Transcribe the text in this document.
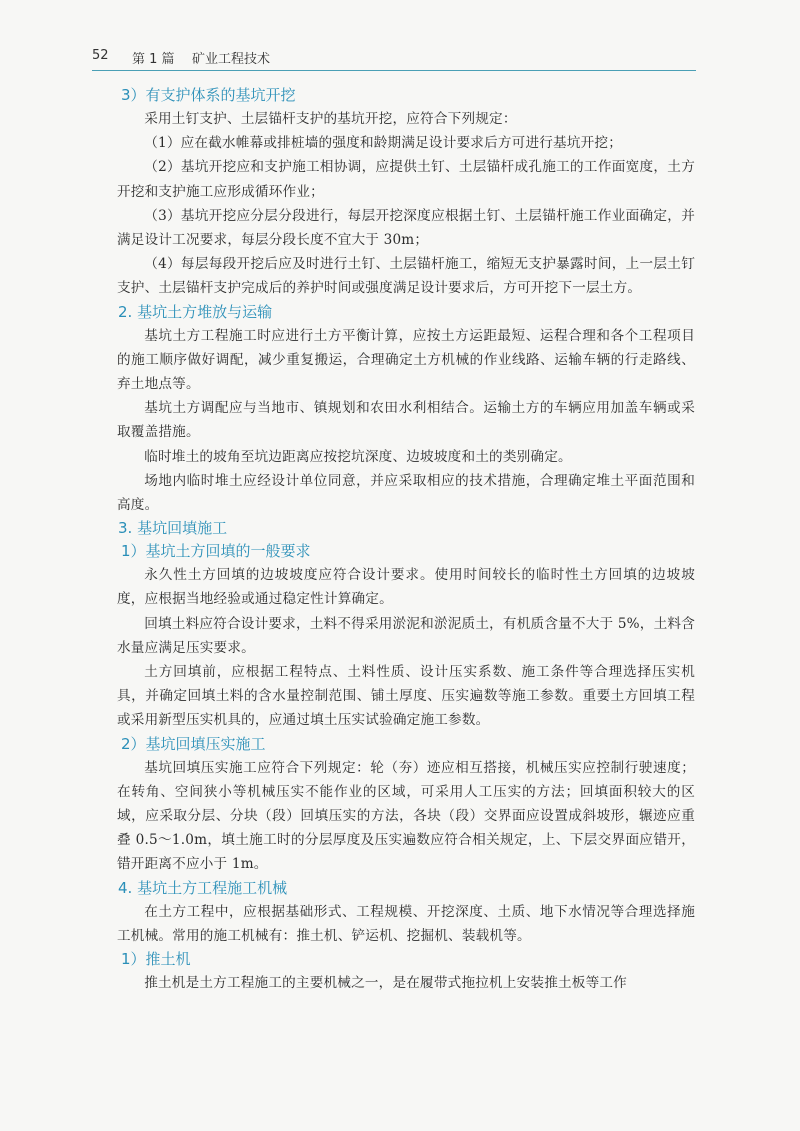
52 第 1 篇 矿业工程技术
3）有支护体系的基坑开挖

采用土钉支护、土层锚杆支护的基坑开挖，应符合下列规定：

（1）应在截水帷幕或排桩墙的强度和龄期满足设计要求后方可进行基坑开挖；

（2）基坑开挖应和支护施工相协调，应提供土钉、土层锚杆成孔施工的工作面宽度，土方开挖和支护施工应形成循环作业；

（3）基坑开挖应分层分段进行，每层开挖深度应根据土钉、土层锚杆施工作业面确定，并满足设计工况要求，每层分段长度不宜大于 30m；

（4）每层每段开挖后应及时进行土钉、土层锚杆施工，缩短无支护暴露时间，上一层土钉支护、土层锚杆支护完成后的养护时间或强度满足设计要求后，方可开挖下一层土方。

2. 基坑土方堆放与运输

基坑土方工程施工时应进行土方平衡计算，应按土方运距最短、运程合理和各个工程项目的施工顺序做好调配，减少重复搬运，合理确定土方机械的作业线路、运输车辆的行走路线、弃土地点等。

基坑土方调配应与当地市、镇规划和农田水利相结合。运输土方的车辆应用加盖车辆或采取覆盖措施。

临时堆土的坡角至坑边距离应按挖坑深度、边坡坡度和土的类别确定。

场地内临时堆土应经设计单位同意，并应采取相应的技术措施，合理确定堆土平面范围和高度。

3. 基坑回填施工
1）基坑土方回填的一般要求

永久性土方回填的边坡坡度应符合设计要求。使用时间较长的临时性土方回填的边坡坡度，应根据当地经验或通过稳定性计算确定。

回填土料应符合设计要求，土料不得采用淤泥和淤泥质土，有机质含量不大于 5%，土料含水量应满足压实要求。

土方回填前，应根据工程特点、土料性质、设计压实系数、施工条件等合理选择压实机具，并确定回填土料的含水量控制范围、铺土厚度、压实遍数等施工参数。重要土方回填工程或采用新型压实机具的，应通过填土压实试验确定施工参数。

2）基坑回填压实施工

基坑回填压实施工应符合下列规定：轮（夯）迹应相互搭接，机械压实应控制行驶速度；在转角、空间狭小等机械压实不能作业的区域，可采用人工压实的方法；回填面积较大的区域，应采取分层、分块（段）回填压实的方法，各块（段）交界面应设置成斜坡形，辗迹应重叠 0.5～1.0m，填土施工时的分层厚度及压实遍数应符合相关规定，上、下层交界面应错开，错开距离不应小于 1m。

4. 基坑土方工程施工机械

在土方工程中，应根据基础形式、工程规模、开挖深度、土质、地下水情况等合理选择施工机械。常用的施工机械有：推土机、铲运机、挖掘机、装载机等。

1）推土机

推土机是土方工程施工的主要机械之一，是在履带式拖拉机上安装推土板等工作
